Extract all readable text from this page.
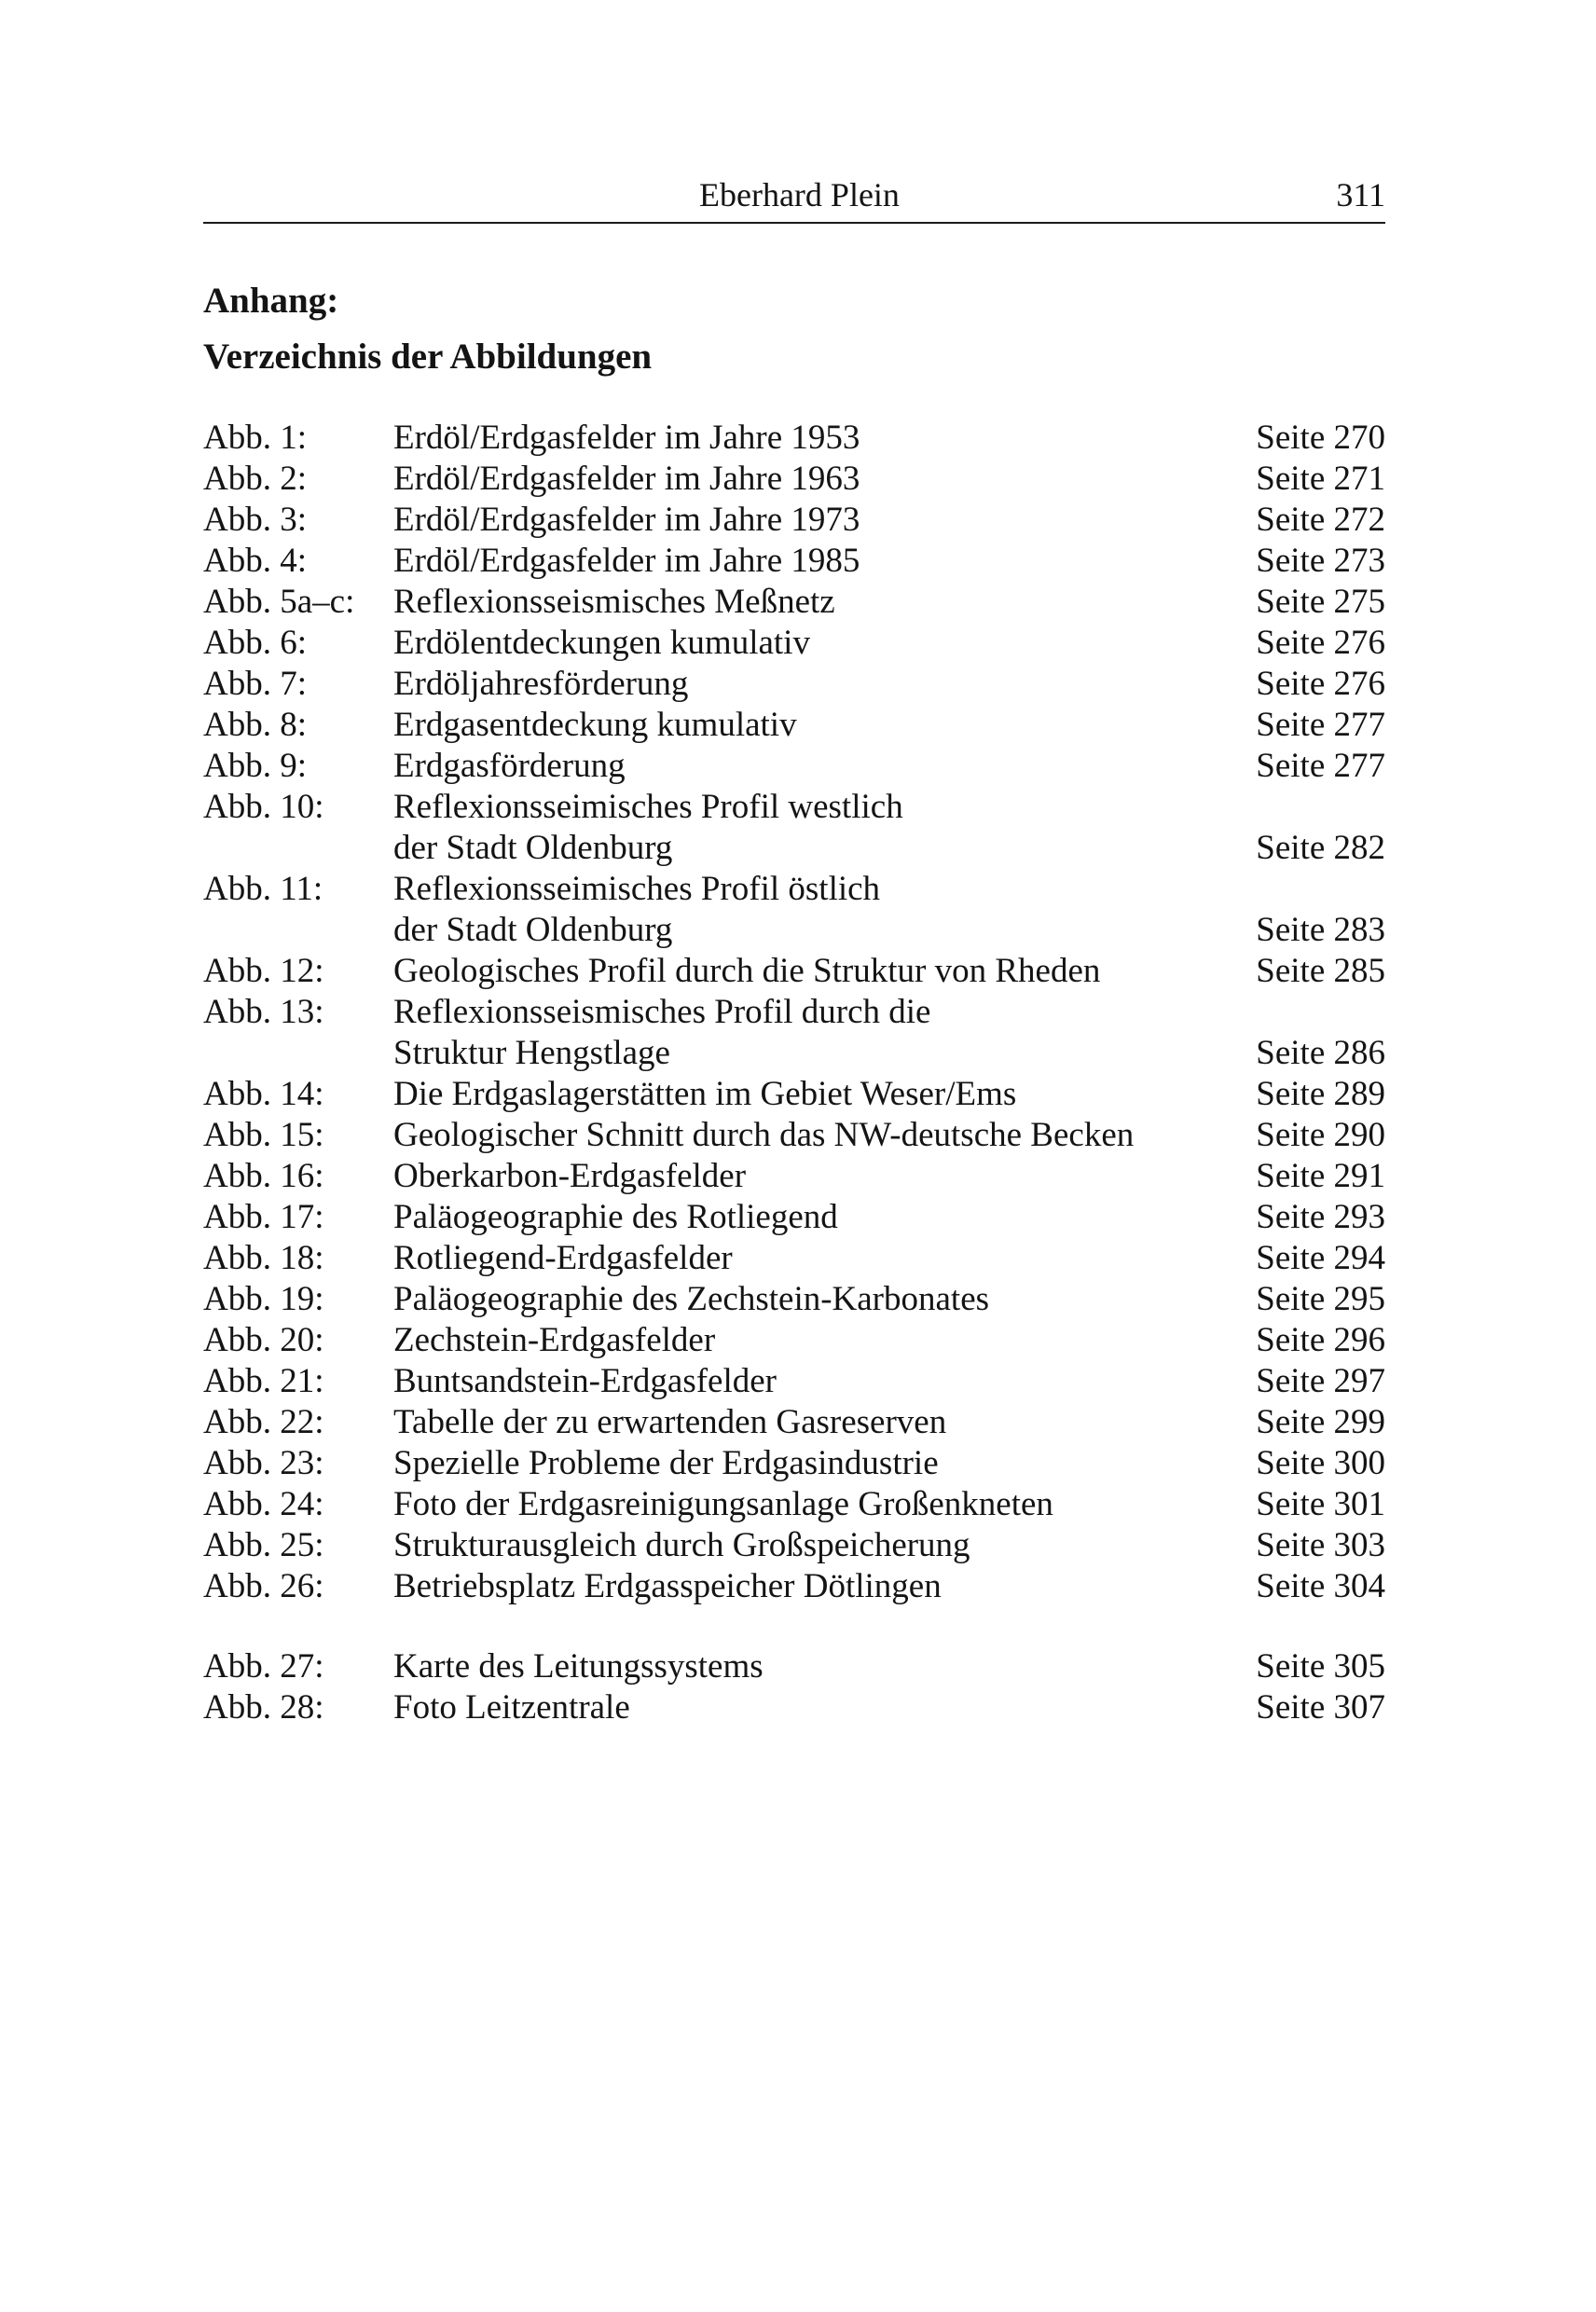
Eberhard Plein	311
Anhang:
Verzeichnis der Abbildungen
Abb. 1:	Erdöl/Erdgasfelder im Jahre 1953	Seite 270
Abb. 2:	Erdöl/Erdgasfelder im Jahre 1963	Seite 271
Abb. 3:	Erdöl/Erdgasfelder im Jahre 1973	Seite 272
Abb. 4:	Erdöl/Erdgasfelder im Jahre 1985	Seite 273
Abb. 5a–c: Reflexionsseismisches Meßnetz	Seite 275
Abb. 6:	Erdölentdeckungen kumulativ	Seite 276
Abb. 7:	Erdöljahresförderung	Seite 276
Abb. 8:	Erdgasentdeckung kumulativ	Seite 277
Abb. 9:	Erdgasförderung	Seite 277
Abb. 10: Reflexionsseimisches Profil westlich
der Stadt Oldenburg	Seite 282
Abb. 11: Reflexionsseimisches Profil östlich
der Stadt Oldenburg	Seite 283
Abb. 12: Geologisches Profil durch die Struktur von Rheden	Seite 285
Abb. 13: Reflexionsseismisches Profil durch die
Struktur Hengstlage	Seite 286
Abb. 14: Die Erdgaslagerstätten im Gebiet Weser/Ems	Seite 289
Abb. 15: Geologischer Schnitt durch das NW-deutsche Becken	Seite 290
Abb. 16: Oberkarbon-Erdgasfelder	Seite 291
Abb. 17: Paläogeographie des Rotliegend	Seite 293
Abb. 18: Rotliegend-Erdgasfelder	Seite 294
Abb. 19: Paläogeographie des Zechstein-Karbonates	Seite 295
Abb. 20: Zechstein-Erdgasfelder	Seite 296
Abb. 21: Buntsandstein-Erdgasfelder	Seite 297
Abb. 22: Tabelle der zu erwartenden Gasreserven	Seite 299
Abb. 23: Spezielle Probleme der Erdgasindustrie	Seite 300
Abb. 24: Foto der Erdgasreinigungsanlage Großenkneten	Seite 301
Abb. 25: Strukturausgleich durch Großspeicherung	Seite 303
Abb. 26: Betriebsplatz Erdgasspeicher Dötlingen	Seite 304
Abb. 27: Karte des Leitungssystems	Seite 305
Abb. 28: Foto Leitzentrale	Seite 307
